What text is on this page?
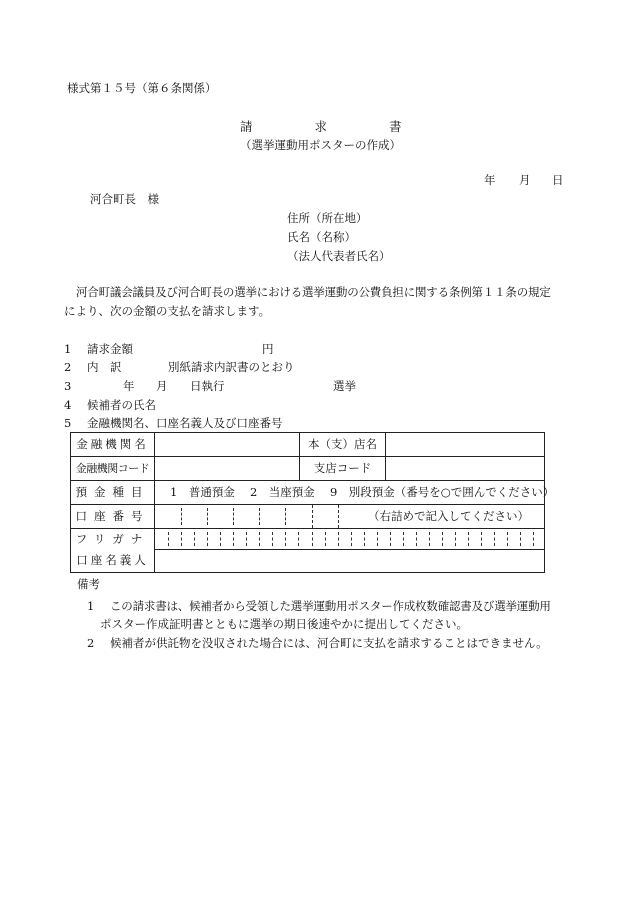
様式第１５号（第６条関係）
請	求	書
（選挙運動用ポスターの作成）
年 月 日
河合町長　様
住所（所在地）
氏名（名称）
（法人代表者氏名）
河合町議会議員及び河合町長の選挙における選挙運動の公費負担に関する条例第１１条の規定
により、次の金額の支払を請求します。
1 請求金額	円
2 内　訳	別紙請求内訳書のとおり
3	年 月 日執行	選挙
4 候補者の氏名
5 金融機関名、口座名義人及び口座番号
金融機関名		本（支）店名	
金融機関コード		支店コード	
預金種目	1　普通預金　 2　当座預金　 9　別段預金（番号を○で囲んでください）		
口座番号	（右詰めで記入してください）		

フリガナ			

口座名義人			
備考
1 この請求書は、候補者から受領した選挙運動用ポスター作成枚数確認書及び選挙運動用
ポスター作成証明書とともに選挙の期日後速やかに提出してください。
2 候補者が供託物を没収された場合には、河合町に支払を請求することはできません。
